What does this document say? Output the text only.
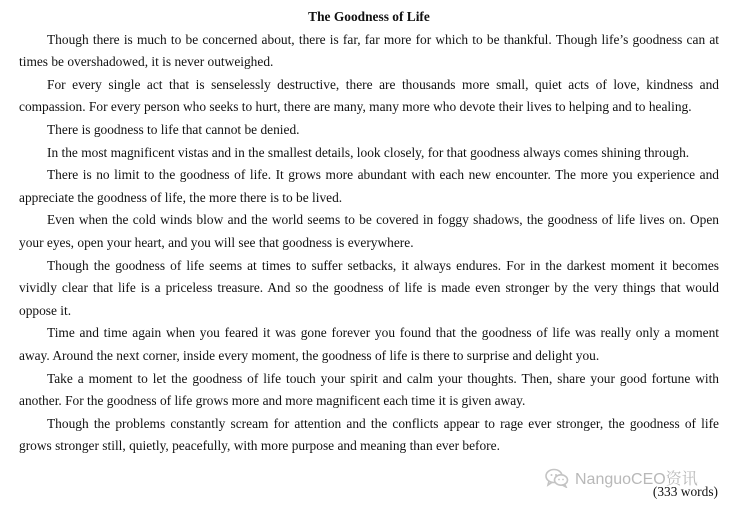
The Goodness of Life

Though there is much to be concerned about, there is far, far more for which to be thankful. Though life’s goodness can at times be overshadowed, it is never outweighed.

For every single act that is senselessly destructive, there are thousands more small, quiet acts of love, kindness and compassion. For every person who seeks to hurt, there are many, many more who devote their lives to helping and to healing.

There is goodness to life that cannot be denied.

In the most magnificent vistas and in the smallest details, look closely, for that goodness always comes shining through.

There is no limit to the goodness of life. It grows more abundant with each new encounter. The more you experience and appreciate the goodness of life, the more there is to be lived.

Even when the cold winds blow and the world seems to be covered in foggy shadows, the goodness of life lives on. Open your eyes, open your heart, and you will see that goodness is everywhere.

Though the goodness of life seems at times to suffer setbacks, it always endures. For in the darkest moment it becomes vividly clear that life is a priceless treasure. And so the goodness of life is made even stronger by the very things that would oppose it.

Time and time again when you feared it was gone forever you found that the goodness of life was really only a moment away. Around the next corner, inside every moment, the goodness of life is there to surprise and delight you.

Take a moment to let the goodness of life touch your spirit and calm your thoughts. Then, share your good fortune with another. For the goodness of life grows more and more magnificent each time it is given away.

Though the problems constantly scream for attention and the conflicts appear to rage ever stronger, the goodness of life grows stronger still, quietly, peacefully, with more purpose and meaning than ever before.

NanguoCEO资讯
(333 words)
